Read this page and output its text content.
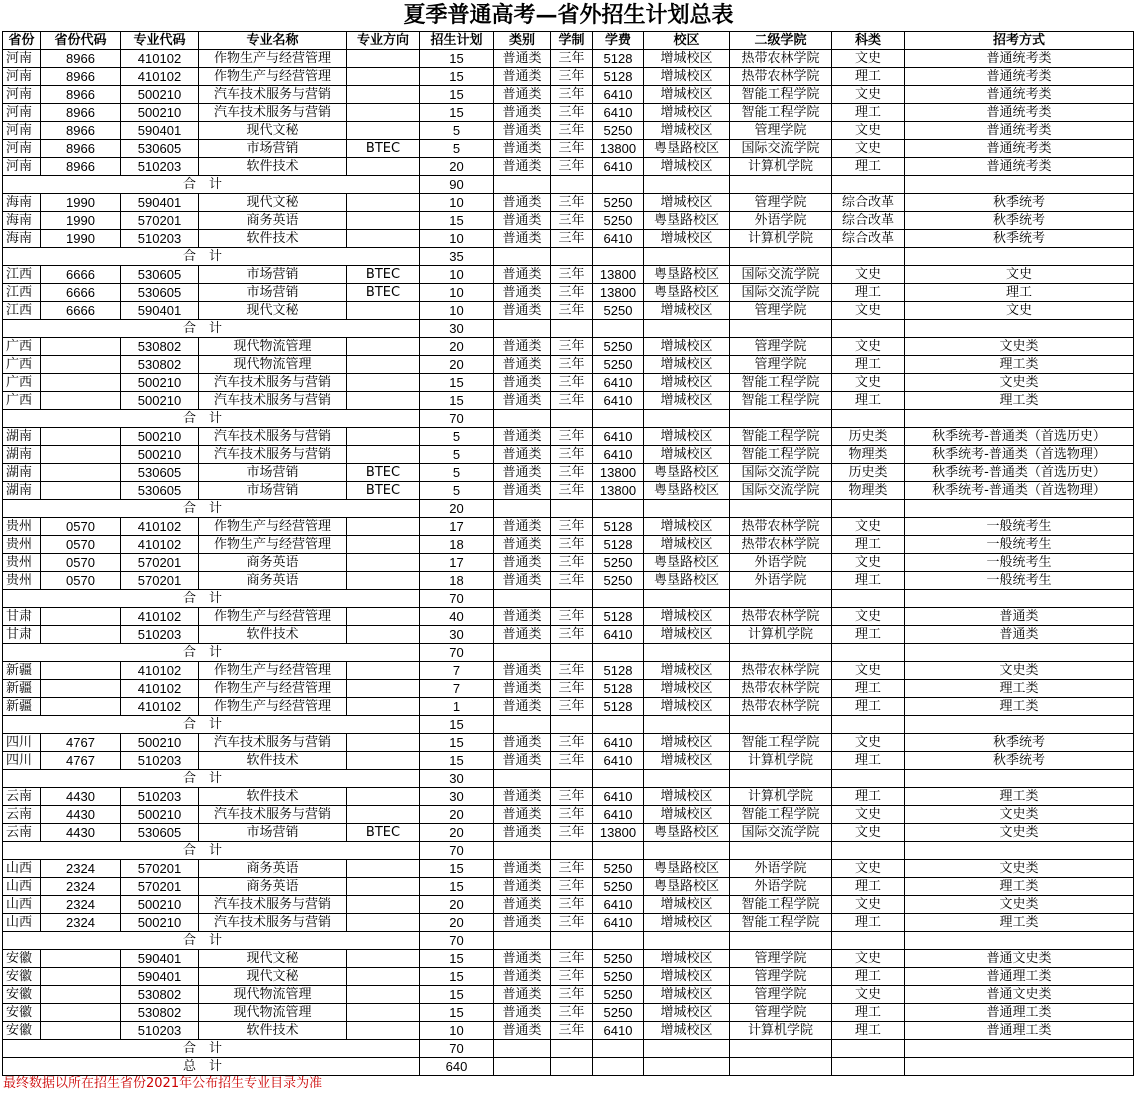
夏季普通高考—省外招生计划总表
省份	省份代码	专业代码	专业名称	专业方向	招生计划	类别	学制	学费	校区	二级学院	科类	招考方式
河南	8966	410102	作物生产与经营管理		15	普通类	三年	5128	增城校区	热带农林学院	文史	普通统考类
河南	8966	410102	作物生产与经营管理		15	普通类	三年	5128	增城校区	热带农林学院	理工	普通统考类
河南	8966	500210	汽车技术服务与营销		15	普通类	三年	6410	增城校区	智能工程学院	文史	普通统考类
河南	8966	500210	汽车技术服务与营销		15	普通类	三年	6410	增城校区	智能工程学院	理工	普通统考类
河南	8966	590401	现代文秘		5	普通类	三年	5250	增城校区	管理学院	文史	普通统考类
河南	8966	530605	市场营销	BTEC	5	普通类	三年	13800	粤垦路校区	国际交流学院	文史	普通统考类
河南	8966	510203	软件技术		20	普通类	三年	6410	增城校区	计算机学院	理工	普通统考类
合　计					90							
海南	1990	590401	现代文秘		10	普通类	三年	5250	增城校区	管理学院	综合改革	秋季统考
海南	1990	570201	商务英语		15	普通类	三年	5250	粤垦路校区	外语学院	综合改革	秋季统考
海南	1990	510203	软件技术		10	普通类	三年	6410	增城校区	计算机学院	综合改革	秋季统考
合　计					35							
江西	6666	530605	市场营销	BTEC	10	普通类	三年	13800	粤垦路校区	国际交流学院	文史	文史
江西	6666	530605	市场营销	BTEC	10	普通类	三年	13800	粤垦路校区	国际交流学院	理工	理工
江西	6666	590401	现代文秘		10	普通类	三年	5250	增城校区	管理学院	文史	文史
合　计					30							
广西		530802	现代物流管理		20	普通类	三年	5250	增城校区	管理学院	文史	文史类
广西		530802	现代物流管理		20	普通类	三年	5250	增城校区	管理学院	理工	理工类
广西		500210	汽车技术服务与营销		15	普通类	三年	6410	增城校区	智能工程学院	文史	文史类
广西		500210	汽车技术服务与营销		15	普通类	三年	6410	增城校区	智能工程学院	理工	理工类
合　计					70							
湖南		500210	汽车技术服务与营销		5	普通类	三年	6410	增城校区	智能工程学院	历史类	秋季统考-普通类（首选历史）
湖南		500210	汽车技术服务与营销		5	普通类	三年	6410	增城校区	智能工程学院	物理类	秋季统考-普通类（首选物理）
湖南		530605	市场营销	BTEC	5	普通类	三年	13800	粤垦路校区	国际交流学院	历史类	秋季统考-普通类（首选历史）
湖南		530605	市场营销	BTEC	5	普通类	三年	13800	粤垦路校区	国际交流学院	物理类	秋季统考-普通类（首选物理）
合　计					20							
贵州	0570	410102	作物生产与经营管理		17	普通类	三年	5128	增城校区	热带农林学院	文史	一般统考生
贵州	0570	410102	作物生产与经营管理		18	普通类	三年	5128	增城校区	热带农林学院	理工	一般统考生
贵州	0570	570201	商务英语		17	普通类	三年	5250	粤垦路校区	外语学院	文史	一般统考生
贵州	0570	570201	商务英语		18	普通类	三年	5250	粤垦路校区	外语学院	理工	一般统考生
合　计					70							
甘肃		410102	作物生产与经营管理		40	普通类	三年	5128	增城校区	热带农林学院	文史	普通类
甘肃		510203	软件技术		30	普通类	三年	6410	增城校区	计算机学院	理工	普通类
合　计					70							
新疆		410102	作物生产与经营管理		7	普通类	三年	5128	增城校区	热带农林学院	文史	文史类
新疆		410102	作物生产与经营管理		7	普通类	三年	5128	增城校区	热带农林学院	理工	理工类
新疆		410102	作物生产与经营管理		1	普通类	三年	5128	增城校区	热带农林学院	理工	理工类
合　计					15							
四川	4767	500210	汽车技术服务与营销		15	普通类	三年	6410	增城校区	智能工程学院	文史	秋季统考
四川	4767	510203	软件技术		15	普通类	三年	6410	增城校区	计算机学院	理工	秋季统考
合　计					30							
云南	4430	510203	软件技术		30	普通类	三年	6410	增城校区	计算机学院	理工	理工类
云南	4430	500210	汽车技术服务与营销		20	普通类	三年	6410	增城校区	智能工程学院	文史	文史类
云南	4430	530605	市场营销	BTEC	20	普通类	三年	13800	粤垦路校区	国际交流学院	文史	文史类
合　计					70							
山西	2324	570201	商务英语		15	普通类	三年	5250	粤垦路校区	外语学院	文史	文史类
山西	2324	570201	商务英语		15	普通类	三年	5250	粤垦路校区	外语学院	理工	理工类
山西	2324	500210	汽车技术服务与营销		20	普通类	三年	6410	增城校区	智能工程学院	文史	文史类
山西	2324	500210	汽车技术服务与营销		20	普通类	三年	6410	增城校区	智能工程学院	理工	理工类
合　计					70							
安徽		590401	现代文秘		15	普通类	三年	5250	增城校区	管理学院	文史	普通文史类
安徽		590401	现代文秘		15	普通类	三年	5250	增城校区	管理学院	理工	普通理工类
安徽		530802	现代物流管理		15	普通类	三年	5250	增城校区	管理学院	文史	普通文史类
安徽		530802	现代物流管理		15	普通类	三年	5250	增城校区	管理学院	理工	普通理工类
安徽		510203	软件技术		10	普通类	三年	6410	增城校区	计算机学院	理工	普通理工类
合　计					70							
总　计					640							
最终数据以所在招生省份2021年公布招生专业目录为准
